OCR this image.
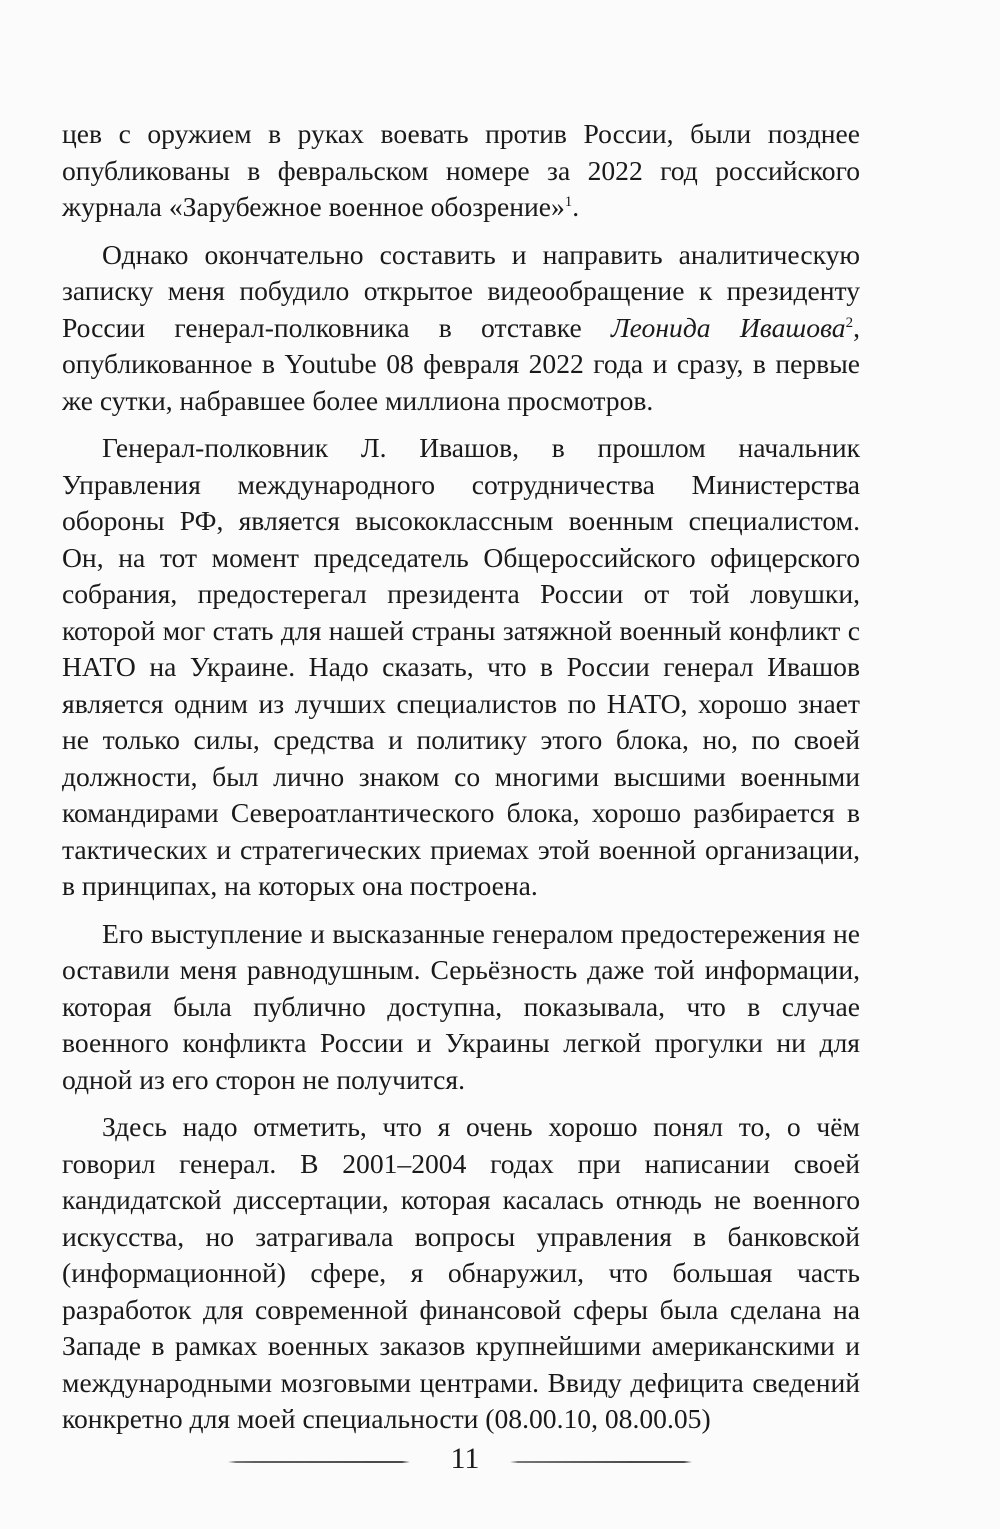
цев с оружием в руках воевать против России, были позднее опубликованы в февральском номере за 2022 год российского журнала «Зарубежное военное обозрение»$^1$.

Однако окончательно составить и направить аналитическую записку меня побудило открытое видеообращение к президенту России генерал-полковника в отставке Леонида Ивашова$^2$, опубликованное в Youtube 08 февраля 2022 года и сразу, в первые же сутки, набравшее более миллиона просмотров.

Генерал-полковник Л. Ивашов, в прошлом начальник Управления международного сотрудничества Министерства обороны РФ, является высококлассным военным специалистом. Он, на тот момент председатель Общероссийского офицерского собрания, предостерегал президента России от той ловушки, которой мог стать для нашей страны затяжной военный конфликт с НАТО на Украине. Надо сказать, что в России генерал Ивашов является одним из лучших специалистов по НАТО, хорошо знает не только силы, средства и политику этого блока, но, по своей должности, был лично знаком со многими высшими военными командирами Североатлантического блока, хорошо разбирается в тактических и стратегических приемах этой военной организации, в принципах, на которых она построена.

Его выступление и высказанные генералом предостережения не оставили меня равнодушным. Серьёзность даже той информации, которая была публично доступна, показывала, что в случае военного конфликта России и Украины легкой прогулки ни для одной из его сторон не получится.

Здесь надо отметить, что я очень хорошо понял то, о чём говорил генерал. В 2001–2004 годах при написании своей кандидатской диссертации, которая касалась отнюдь не военного искусства, но затрагивала вопросы управления в банковской (информационной) сфере, я обнаружил, что большая часть разработок для современной финансовой сферы была сделана на Западе в рамках военных заказов крупнейшими американскими и международными мозговыми центрами. Ввиду дефицита сведений конкретно для моей специальности (08.00.10, 08.00.05)

11
